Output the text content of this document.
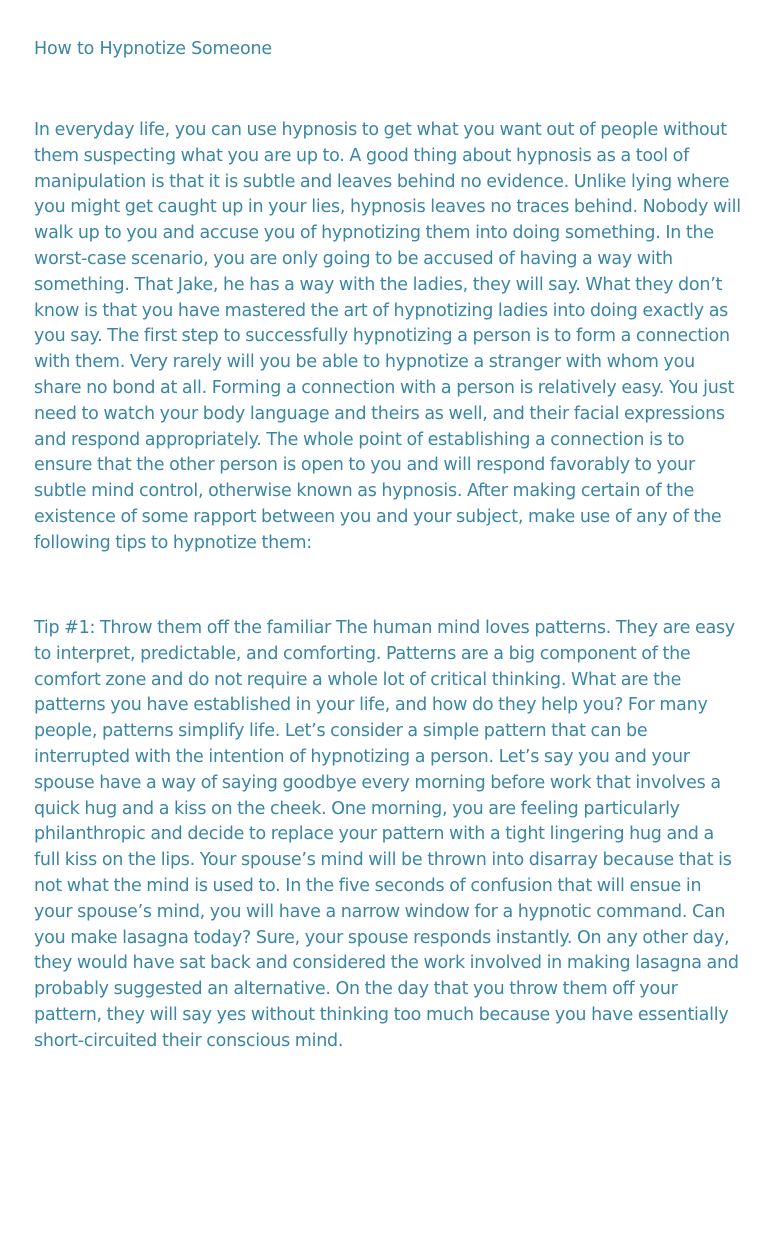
How to Hypnotize Someone

In everyday life, you can use hypnosis to get what you want out of people without them suspecting what you are up to. A good thing about hypnosis as a tool of manipulation is that it is subtle and leaves behind no evidence. Unlike lying where you might get caught up in your lies, hypnosis leaves no traces behind. Nobody will walk up to you and accuse you of hypnotizing them into doing something. In the worst-case scenario, you are only going to be accused of having a way with something. That Jake, he has a way with the ladies, they will say. What they don’t know is that you have mastered the art of hypnotizing ladies into doing exactly as you say. The first step to successfully hypnotizing a person is to form a connection with them. Very rarely will you be able to hypnotize a stranger with whom you share no bond at all. Forming a connection with a person is relatively easy. You just need to watch your body language and theirs as well, and their facial expressions and respond appropriately. The whole point of establishing a connection is to ensure that the other person is open to you and will respond favorably to your subtle mind control, otherwise known as hypnosis. After making certain of the existence of some rapport between you and your subject, make use of any of the following tips to hypnotize them:

Tip #1: Throw them off the familiar The human mind loves patterns. They are easy to interpret, predictable, and comforting. Patterns are a big component of the comfort zone and do not require a whole lot of critical thinking. What are the patterns you have established in your life, and how do they help you? For many people, patterns simplify life. Let’s consider a simple pattern that can be interrupted with the intention of hypnotizing a person. Let’s say you and your spouse have a way of saying goodbye every morning before work that involves a quick hug and a kiss on the cheek. One morning, you are feeling particularly philanthropic and decide to replace your pattern with a tight lingering hug and a full kiss on the lips. Your spouse’s mind will be thrown into disarray because that is not what the mind is used to. In the five seconds of confusion that will ensue in your spouse’s mind, you will have a narrow window for a hypnotic command. Can you make lasagna today? Sure, your spouse responds instantly. On any other day, they would have sat back and considered the work involved in making lasagna and probably suggested an alternative. On the day that you throw them off your pattern, they will say yes without thinking too much because you have essentially short-circuited their conscious mind.
